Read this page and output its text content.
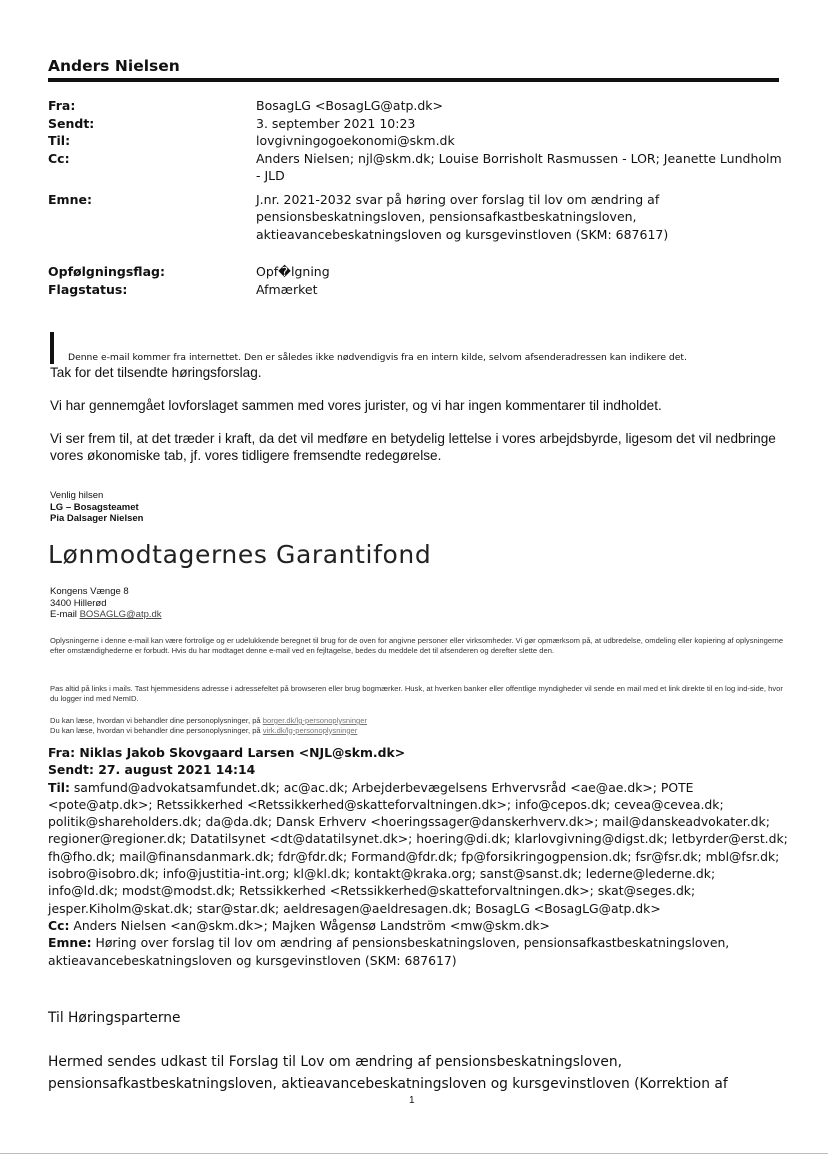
Anders Nielsen
Fra:	BosagLG <BosagLG@atp.dk>
Sendt:	3. september 2021 10:23
Til:	lovgivningogoekonomi@skm.dk
Cc:	Anders Nielsen; njl@skm.dk; Louise Borrisholt Rasmussen - LOR; Jeanette Lundholm - JLD
Emne:	J.nr. 2021-2032 svar på høring over forslag til lov om ændring af pensionsbeskatningsloven, pensionsafkastbeskatningsloven, aktieavancebeskatningsloven og kursgevinstloven (SKM: 687617)
Opfølgningsflag:	Opf�lgning
Flagstatus:	Afmærket
Denne e-mail kommer fra internettet. Den er således ikke nødvendigvis fra en intern kilde, selvom afsenderadressen kan indikere det.

Tak for det tilsendte høringsforslag.

Vi har gennemgået lovforslaget sammen med vores jurister, og vi har ingen kommentarer til indholdet.

Vi ser frem til, at det træder i kraft, da det vil medføre en betydelig lettelse i vores arbejdsbyrde, ligesom det vil nedbringe vores økonomiske tab, jf. vores tidligere fremsendte redegørelse.

Venlig hilsen
LG – Bosagsteamet
Pia Dalsager Nielsen
Lønmodtagernes Garantifond
Kongens Vænge 8
3400 Hillerød
E-mail BOSAGLG@atp.dk
Oplysningerne i denne e-mail kan være fortrolige og er udelukkende beregnet til brug for de oven for angivne personer eller virksomheder. Vi gør opmærksom på, at udbredelse, omdeling eller kopiering af oplysningerne efter omstændighederne er forbudt. Hvis du har modtaget denne e-mail ved en fejltagelse, bedes du meddele det til afsenderen og derefter slette den.
Pas altid på links i mails. Tast hjemmesidens adresse i adressefeltet på browseren eller brug bogmærker. Husk, at hverken banker eller offentlige myndigheder vil sende en mail med et link direkte til en log ind-side, hvor du logger ind med NemID.
Du kan læse, hvordan vi behandler dine personoplysninger, på borger.dk/lg-personoplysninger
Du kan læse, hvordan vi behandler dine personoplysninger, på virk.dk/lg-personoplysninger
Fra: Niklas Jakob Skovgaard Larsen <NJL@skm.dk>
Sendt: 27. august 2021 14:14
Til: samfund@advokatsamfundet.dk; ac@ac.dk; Arbejderbevægelsens Erhvervsråd <ae@ae.dk>; POTE <pote@atp.dk>; Retssikkerhed <Retssikkerhed@skatteforvaltningen.dk>; info@cepos.dk; cevea@cevea.dk; politik@shareholders.dk; da@da.dk; Dansk Erhverv <hoeringssager@danskerhverv.dk>; mail@danskeadvokater.dk; regioner@regioner.dk; Datatilsynet <dt@datatilsynet.dk>; hoering@di.dk; klarlovgivning@digst.dk; letbyrder@erst.dk; fh@fho.dk; mail@finansdanmark.dk; fdr@fdr.dk; Formand@fdr.dk; fp@forsikringogpension.dk; fsr@fsr.dk; mbl@fsr.dk; isobro@isobro.dk; info@justitia-int.org; kl@kl.dk; kontakt@kraka.org; sanst@sanst.dk; lederne@lederne.dk; info@ld.dk; modst@modst.dk; Retssikkerhed <Retssikkerhed@skatteforvaltningen.dk>; skat@seges.dk; jesper.Kiholm@skat.dk; star@star.dk; aeldresagen@aeldresagen.dk; BosagLG <BosagLG@atp.dk>
Cc: Anders Nielsen <an@skm.dk>; Majken Wågensø Landström <mw@skm.dk>
Emne: Høring over forslag til lov om ændring af pensionsbeskatningsloven, pensionsafkastbeskatningsloven, aktieavancebeskatningsloven og kursgevinstloven (SKM: 687617)
Til Høringsparterne
Hermed sendes udkast til Forslag til Lov om ændring af pensionsbeskatningsloven, pensionsafkastbeskatningsloven, aktieavancebeskatningsloven og kursgevinstloven (Korrektion af
1
